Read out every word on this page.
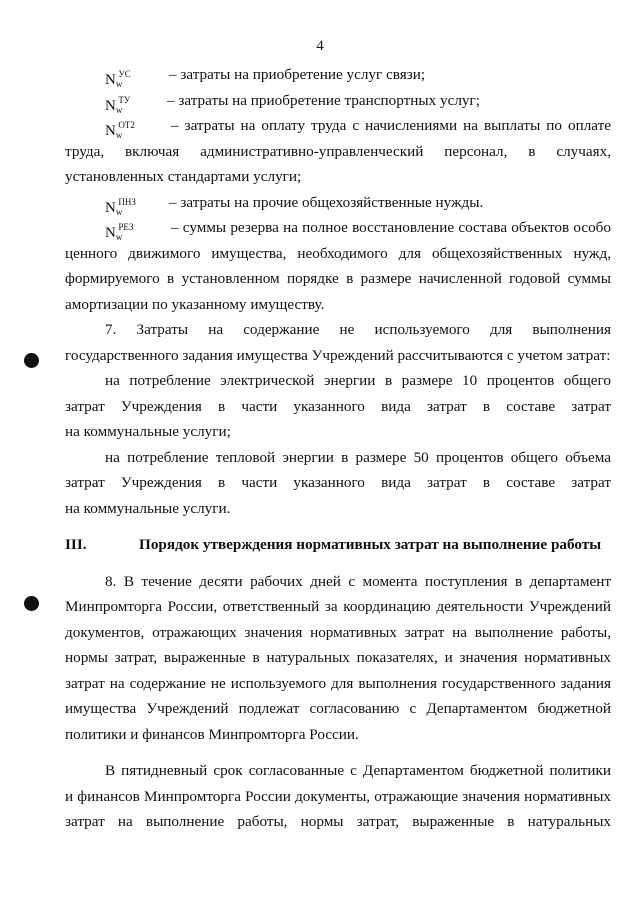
4
$N_w^{УС}$	– затраты на приобретение услуг связи;
$N_w^{ТУ}$	– затраты на приобретение транспортных услуг;
$N_w^{ОТ2}$	– затраты на оплату труда с начислениями на выплаты по оплате
труда, включая административно-управленческий персонал, в случаях,
установленных стандартами услуги;
$N_w^{ПНЗ}$	– затраты на прочие общехозяйственные нужды.
$N_w^{РЕЗ}$	– суммы резерва на полное восстановление состава объектов особо
ценного движимого имущества, необходимого для общехозяйственных нужд,
формируемого в установленном порядке в размере начисленной годовой суммы
амортизации по указанному имуществу.
7. Затраты на содержание не используемого для выполнения
государственного задания имущества Учреждений рассчитываются с учетом затрат:
на потребление электрической энергии в размере 10 процентов общего
затрат Учреждения в части указанного вида затрат в составе затрат
на коммунальные услуги;
на потребление тепловой энергии в размере 50 процентов общего объема
затрат Учреждения в части указанного вида затрат в составе затрат
на коммунальные услуги.
III.	Порядок утверждения нормативных затрат на выполнение работы
8. В течение десяти рабочих дней с момента поступления в департамент
Минпромторга России, ответственный за координацию деятельности Учреждений
документов, отражающих значения нормативных затрат на выполнение работы,
нормы затрат, выраженные в натуральных показателях, и значения нормативных
затрат на содержание не используемого для выполнения государственного задания
имущества Учреждений подлежат согласованию с Департаментом бюджетной
политики и финансов Минпромторга России.
В пятидневный срок согласованные с Департаментом бюджетной политики
и финансов Минпромторга России документы, отражающие значения нормативных
затрат на выполнение работы, нормы затрат, выраженные в натуральных
